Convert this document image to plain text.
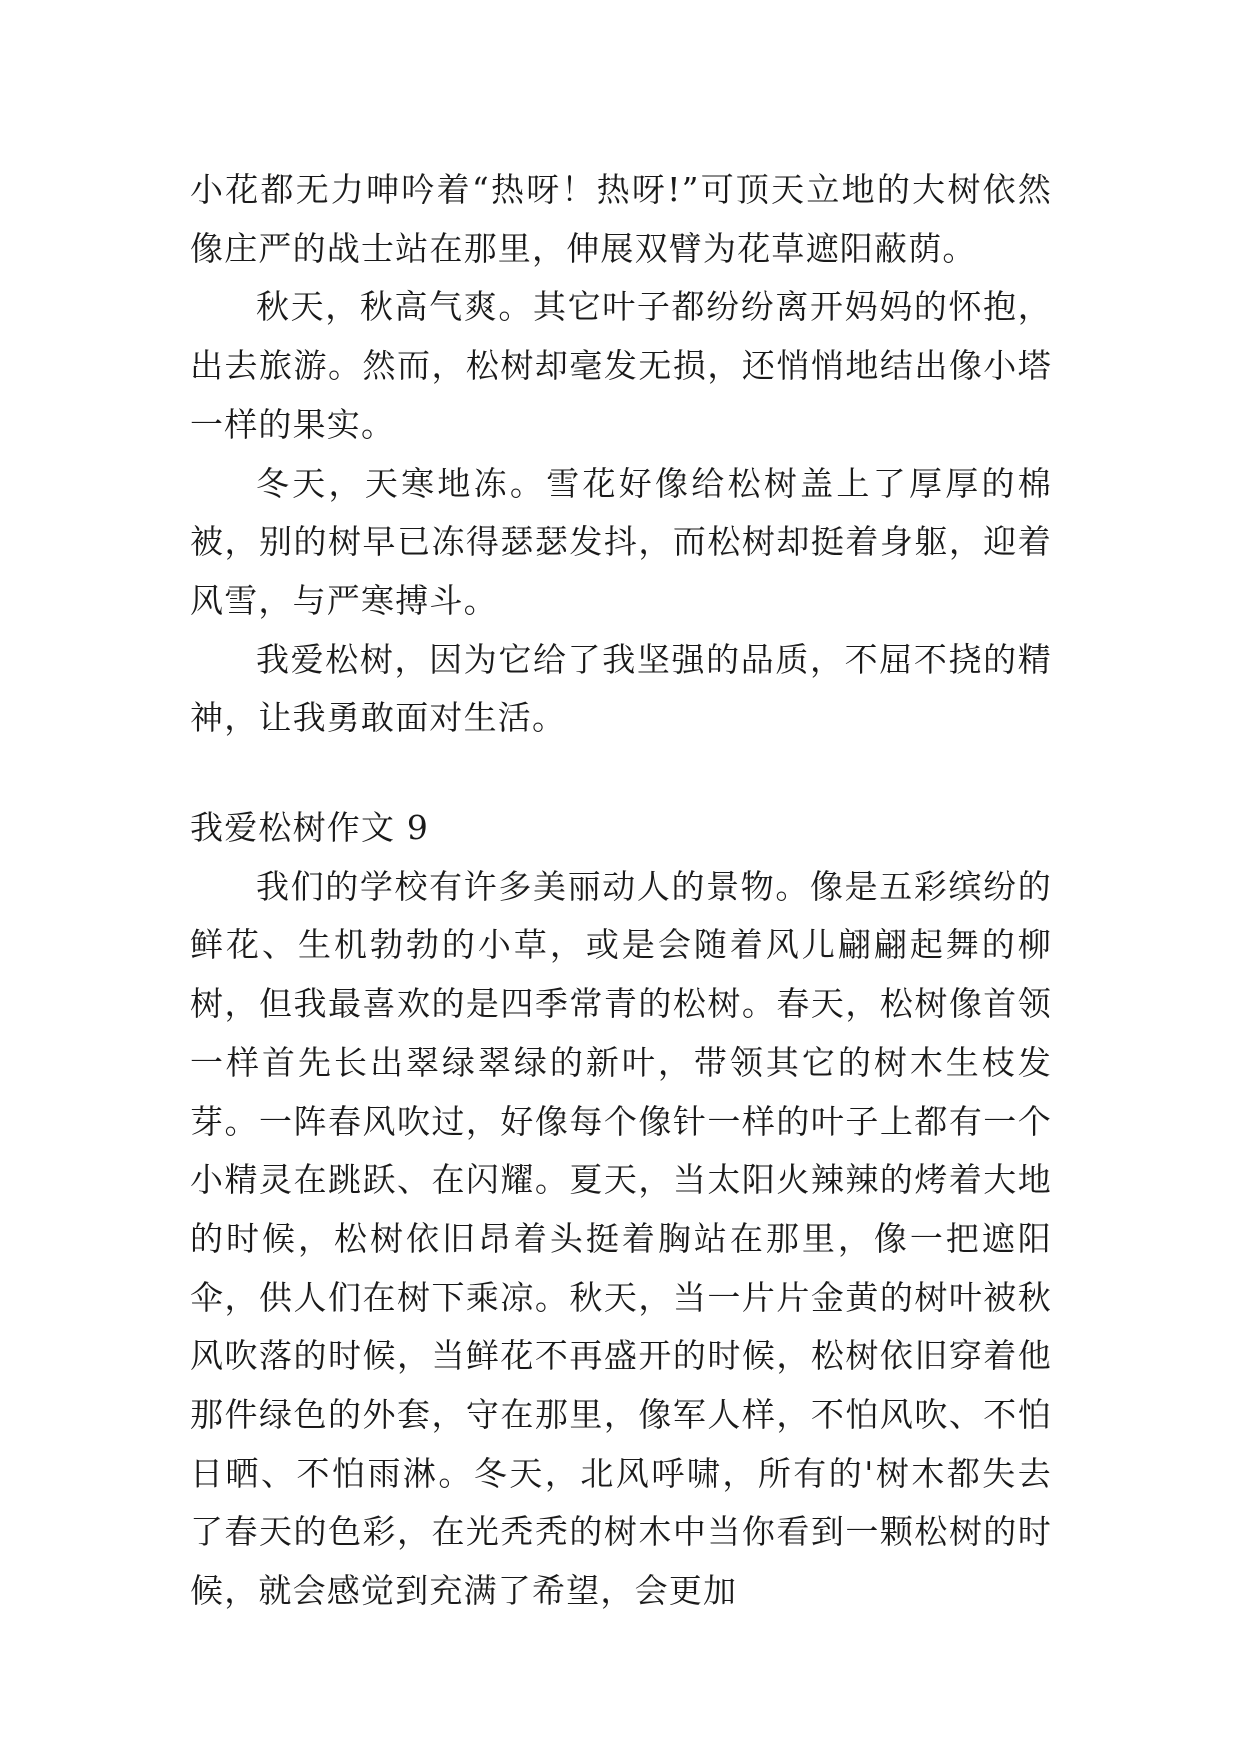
小花都无力呻吟着“热呀！热呀!”可顶天立地的大树依然像庄严的战士站在那里，伸展双臂为花草遮阳蔽荫。

秋天，秋高气爽。其它叶子都纷纷离开妈妈的怀抱，出去旅游。然而，松树却毫发无损，还悄悄地结出像小塔一样的果实。

冬天，天寒地冻。雪花好像给松树盖上了厚厚的棉被，别的树早已冻得瑟瑟发抖，而松树却挺着身躯，迎着风雪，与严寒搏斗。

我爱松树，因为它给了我坚强的品质，不屈不挠的精神，让我勇敢面对生活。

我爱松树作文 9

我们的学校有许多美丽动人的景物。像是五彩缤纷的鲜花、生机勃勃的小草，或是会随着风儿翩翩起舞的柳树，但我最喜欢的是四季常青的松树。春天，松树像首领一样首先长出翠绿翠绿的新叶，带领其它的树木生枝发芽。一阵春风吹过，好像每个像针一样的叶子上都有一个小精灵在跳跃、在闪耀。夏天，当太阳火辣辣的烤着大地的时候，松树依旧昂着头挺着胸站在那里，像一把遮阳伞，供人们在树下乘凉。秋天，当一片片金黄的树叶被秋风吹落的时候，当鲜花不再盛开的时候，松树依旧穿着他那件绿色的外套，守在那里，像军人样，不怕风吹、不怕日晒、不怕雨淋。冬天，北风呼啸，所有的'树木都失去了春天的色彩，在光秃秃的树木中当你看到一颗松树的时候，就会感觉到充满了希望，会更加
